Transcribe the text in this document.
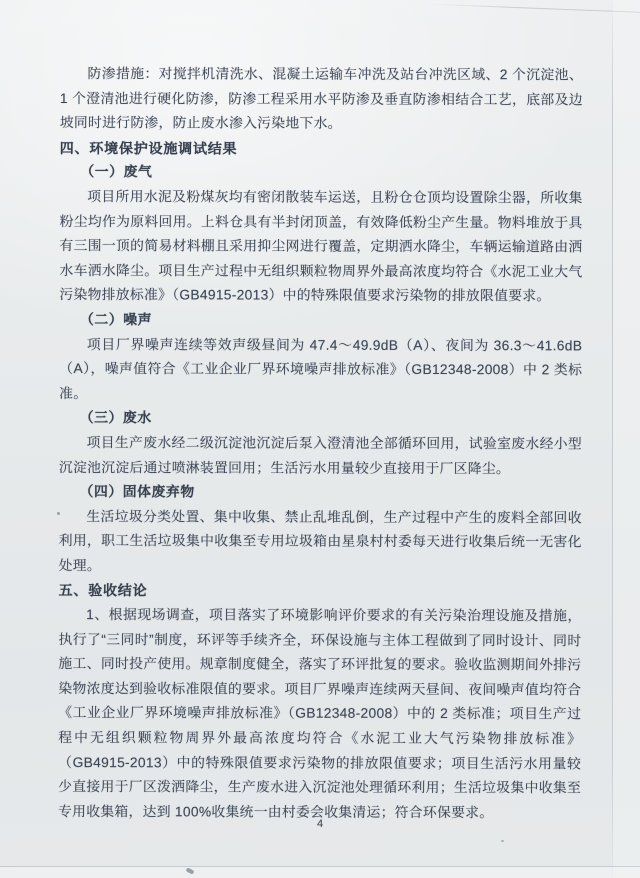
防渗措施：对搅拌机清洗水、混凝土运输车冲洗及站台冲洗区域、2 个沉淀池、1 个澄清池进行硬化防渗，防渗工程采用水平防渗及垂直防渗相结合工艺，底部及边坡同时进行防渗，防止废水渗入污染地下水。

四、环境保护设施调试结果
（一）废气

项目所用水泥及粉煤灰均有密闭散装车运送，且粉仓仓顶均设置除尘器，所收集粉尘均作为原料回用。上料仓具有半封闭顶盖，有效降低粉尘产生量。物料堆放于具有三围一顶的简易材料棚且采用抑尘网进行覆盖，定期洒水降尘，车辆运输道路由洒水车洒水降尘。项目生产过程中无组织颗粒物周界外最高浓度均符合《水泥工业大气污染物排放标准》（GB4915-2013）中的特殊限值要求污染物的排放限值要求。

（二）噪声

项目厂界噪声连续等效声级昼间为 47.4～49.9dB（A）、夜间为 36.3～41.6dB（A），噪声值符合《工业企业厂界环境噪声排放标准》（GB12348-2008）中 2 类标准。

（三）废水

项目生产废水经二级沉淀池沉淀后泵入澄清池全部循环回用，试验室废水经小型沉淀池沉淀后通过喷淋装置回用；生活污水用量较少直接用于厂区降尘。

（四）固体废弃物

生活垃圾分类处置、集中收集、禁止乱堆乱倒，生产过程中产生的废料全部回收利用，职工生活垃圾集中收集至专用垃圾箱由星泉村村委每天进行收集后统一无害化处理。

五、验收结论

1、根据现场调查，项目落实了环境影响评价要求的有关污染治理设施及措施，执行了“三同时”制度，环评等手续齐全，环保设施与主体工程做到了同时设计、同时施工、同时投产使用。规章制度健全，落实了环评批复的要求。验收监测期间外排污染物浓度达到验收标准限值的要求。项目厂界噪声连续两天昼间、夜间噪声值均符合《工业企业厂界环境噪声排放标准》（GB12348-2008）中的 2 类标准；项目生产过程中无组织颗粒物周界外最高浓度均符合《水泥工业大气污染物排放标准》（GB4915-2013）中的特殊限值要求污染物的排放限值要求；项目生活污水用量较少直接用于厂区泼洒降尘，生产废水进入沉淀池处理循环利用；生活垃圾集中收集至专用收集箱，达到 100%收集统一由村委会收集清运；符合环保要求。

4
